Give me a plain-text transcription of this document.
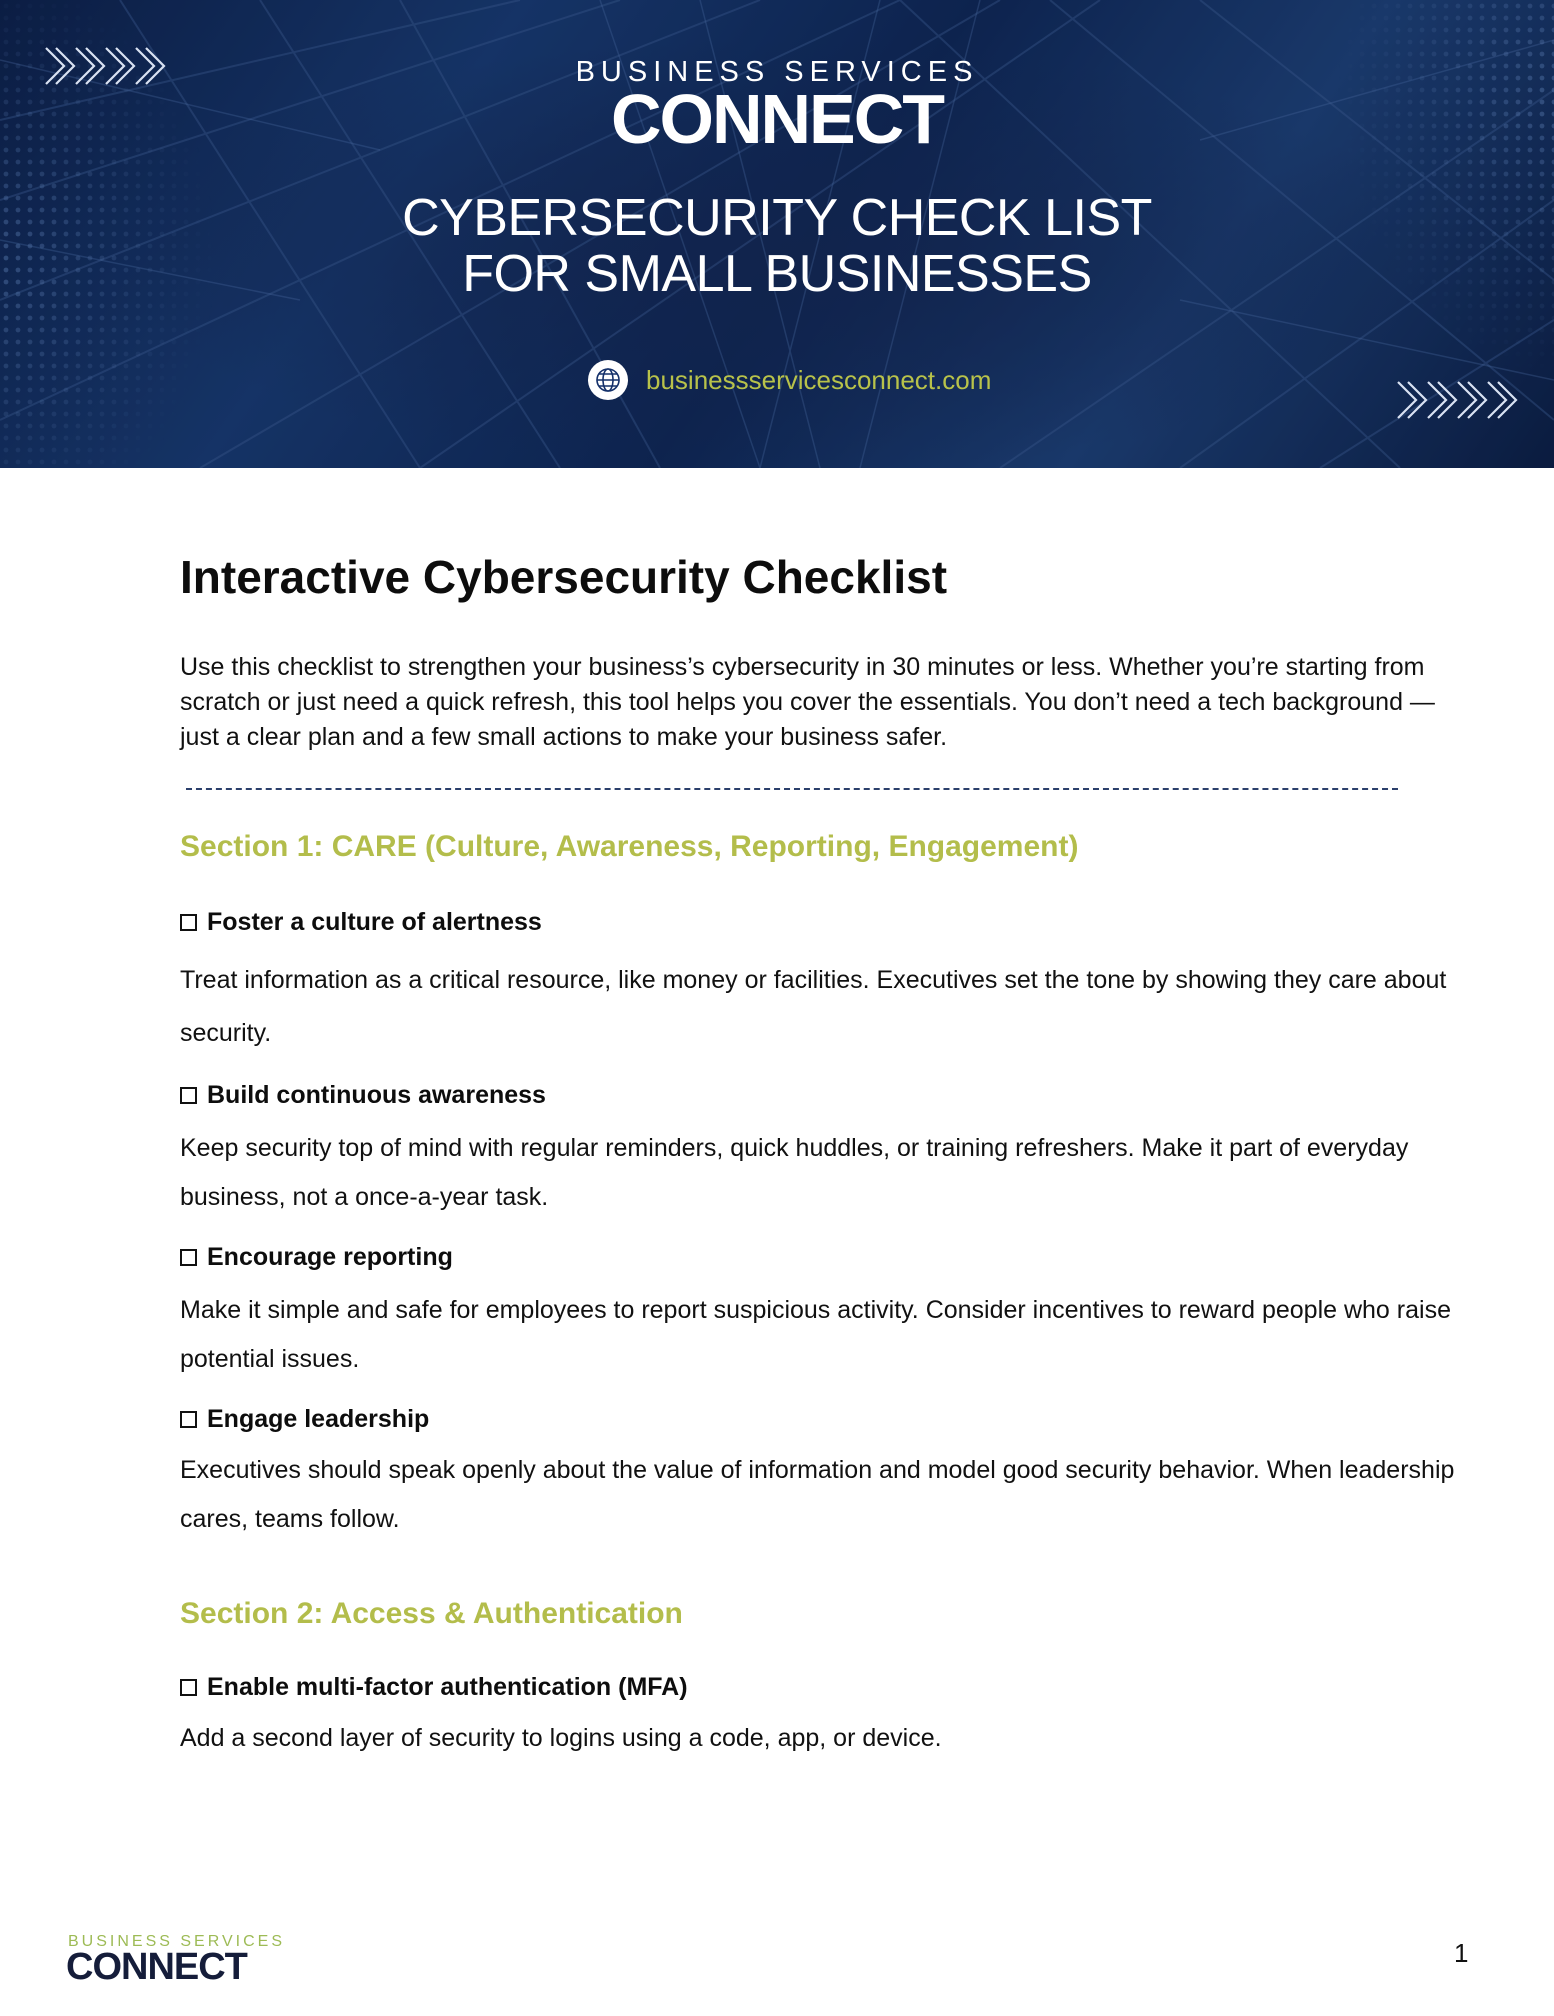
BUSINESS SERVICES
CONNECT
CYBERSECURITY CHECK LIST
FOR SMALL BUSINESSES
businessservicesconnect.com
Interactive Cybersecurity Checklist

Use this checklist to strengthen your business’s cybersecurity in 30 minutes or less. Whether you’re starting from scratch or just need a quick refresh, this tool helps you cover the essentials. You don’t need a tech background — just a clear plan and a few small actions to make your business safer.

Section 1: CARE (Culture, Awareness, Reporting, Engagement)
Foster a culture of alertness

Treat information as a critical resource, like money or facilities. Executives set the tone by showing they care about security.

Build continuous awareness

Keep security top of mind with regular reminders, quick huddles, or training refreshers. Make it part of everyday business, not a once-a-year task.

Encourage reporting

Make it simple and safe for employees to report suspicious activity. Consider incentives to reward people who raise potential issues.

Engage leadership

Executives should speak openly about the value of information and model good security behavior. When leadership cares, teams follow.

Section 2: Access & Authentication
Enable multi-factor authentication (MFA)

Add a second layer of security to logins using a code, app, or device.

BUSINESS SERVICES
CONNECT	1
